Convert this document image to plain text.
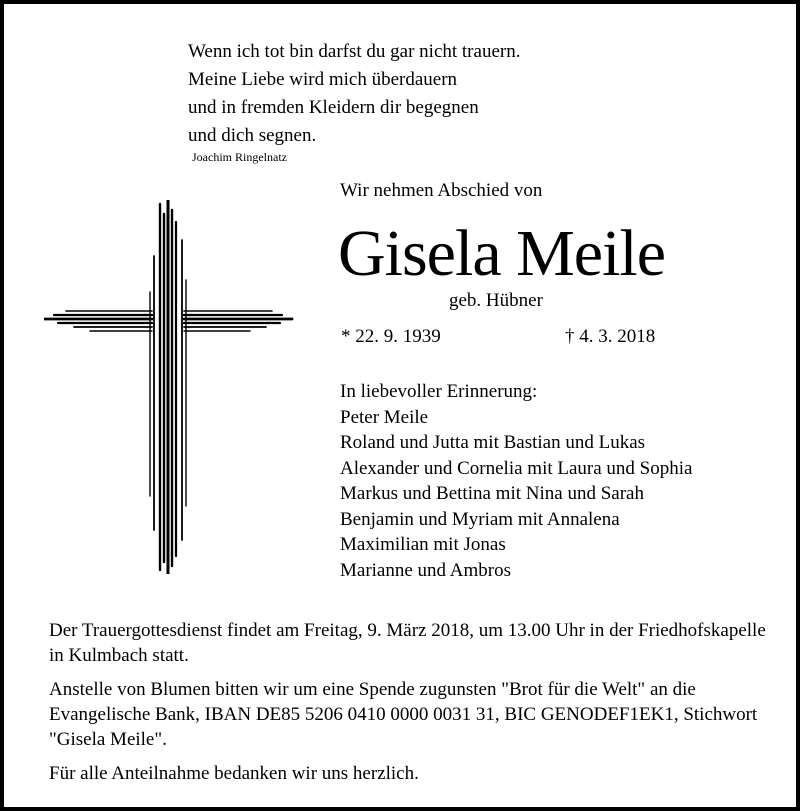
Wenn ich tot bin darfst du gar nicht trauern.
Meine Liebe wird mich überdauern
und in fremden Kleidern dir begegnen
und dich segnen.
Joachim Ringelnatz
Wir nehmen Abschied von
Gisela Meile
geb. Hübner
* 22. 9. 1939	† 4. 3. 2018
In liebevoller Erinnerung:
Peter Meile
Roland und Jutta mit Bastian und Lukas
Alexander und Cornelia mit Laura und Sophia
Markus und Bettina mit Nina und Sarah
Benjamin und Myriam mit Annalena
Maximilian mit Jonas
Marianne und Ambros

Der Trauergottesdienst findet am Freitag, 9. März 2018, um 13.00 Uhr in der Friedhofskapelle in Kulmbach statt.

Anstelle von Blumen bitten wir um eine Spende zugunsten "Brot für die Welt" an die Evangelische Bank, IBAN DE85 5206 0410 0000 0031 31, BIC GENODEF1EK1, Stichwort "Gisela Meile".

Für alle Anteilnahme bedanken wir uns herzlich.
